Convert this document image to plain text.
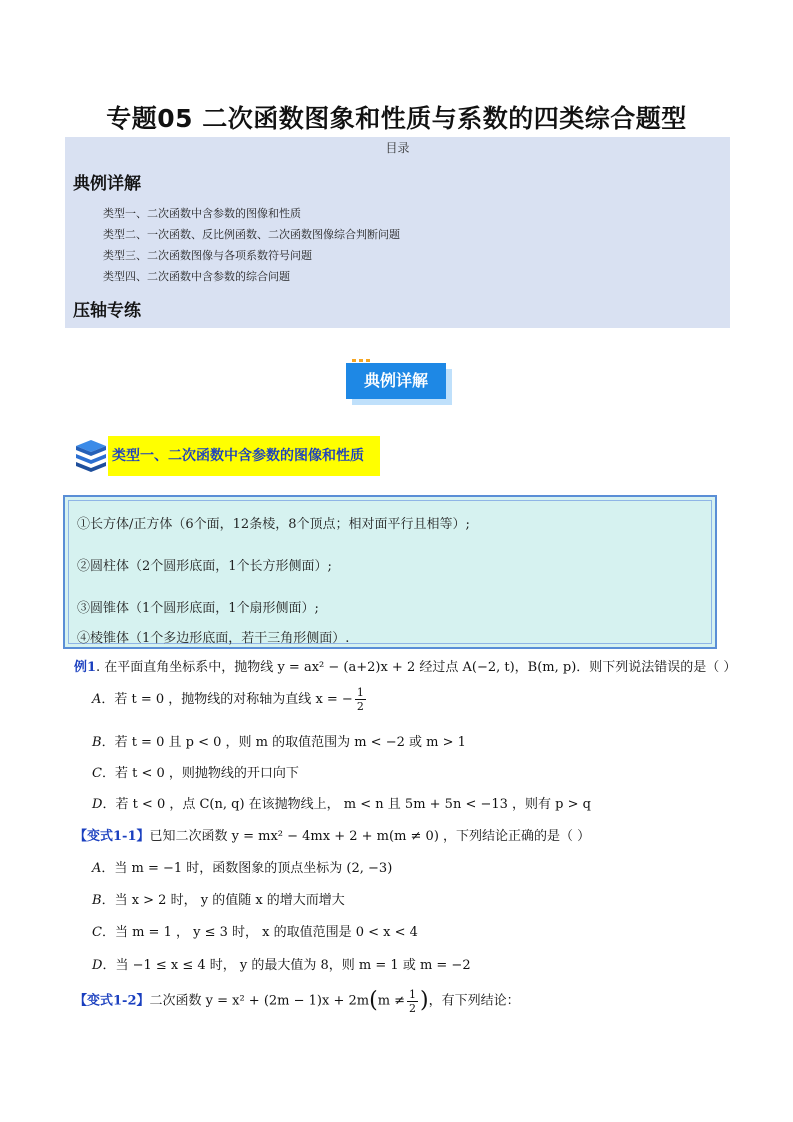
专题05 二次函数图象和性质与系数的四类综合题型
目录
典例详解
类型一、二次函数中含参数的图像和性质
类型二、一次函数、反比例函数、二次函数图像综合判断问题
类型三、二次函数图像与各项系数符号问题
类型四、二次函数中含参数的综合问题
压轴专练
典例详解
类型一、二次函数中含参数的图像和性质
①长方体/正方体（6个面，12条棱，8个顶点；相对面平行且相等）;
②圆柱体（2个圆形底面，1个长方形侧面）;
③圆锥体（1个圆形底面，1个扇形侧面）;
④棱锥体（1个多边形底面，若干三角形侧面）.
例1. 在平面直角坐标系中，抛物线 y = ax² − (a+2)x + 2 经过点 A(−2, t)，B(m, p)．则下列说法错误的是（ ）
A．若 t = 0 ，抛物线的对称轴为直线 x = − $\frac{1}{2}$
B．若 t = 0 且 p < 0 ，则 m 的取值范围为 m < −2 或 m > 1
C．若 t < 0 ，则抛物线的开口向下
D．若 t < 0 ，点 C(n, q) 在该抛物线上， m < n 且 5m + 5n < −13 ，则有 p > q
【变式1-1】已知二次函数 y = mx² − 4mx + 2 + m(m ≠ 0) ，下列结论正确的是（ ）
A．当 m = −1 时，函数图象的顶点坐标为 (2, −3)
B．当 x > 2 时， y 的值随 x 的增大而增大
C．当 m = 1 ， y ≤ 3 时， x 的取值范围是 0 < x < 4
D．当 −1 ≤ x ≤ 4 时， y 的最大值为 8，则 m = 1 或 m = −2
【变式1-2】二次函数 $y = x^2 + (2m - 1)x + 2m(m \ne \frac{1}{2}$ )，有下列结论：
